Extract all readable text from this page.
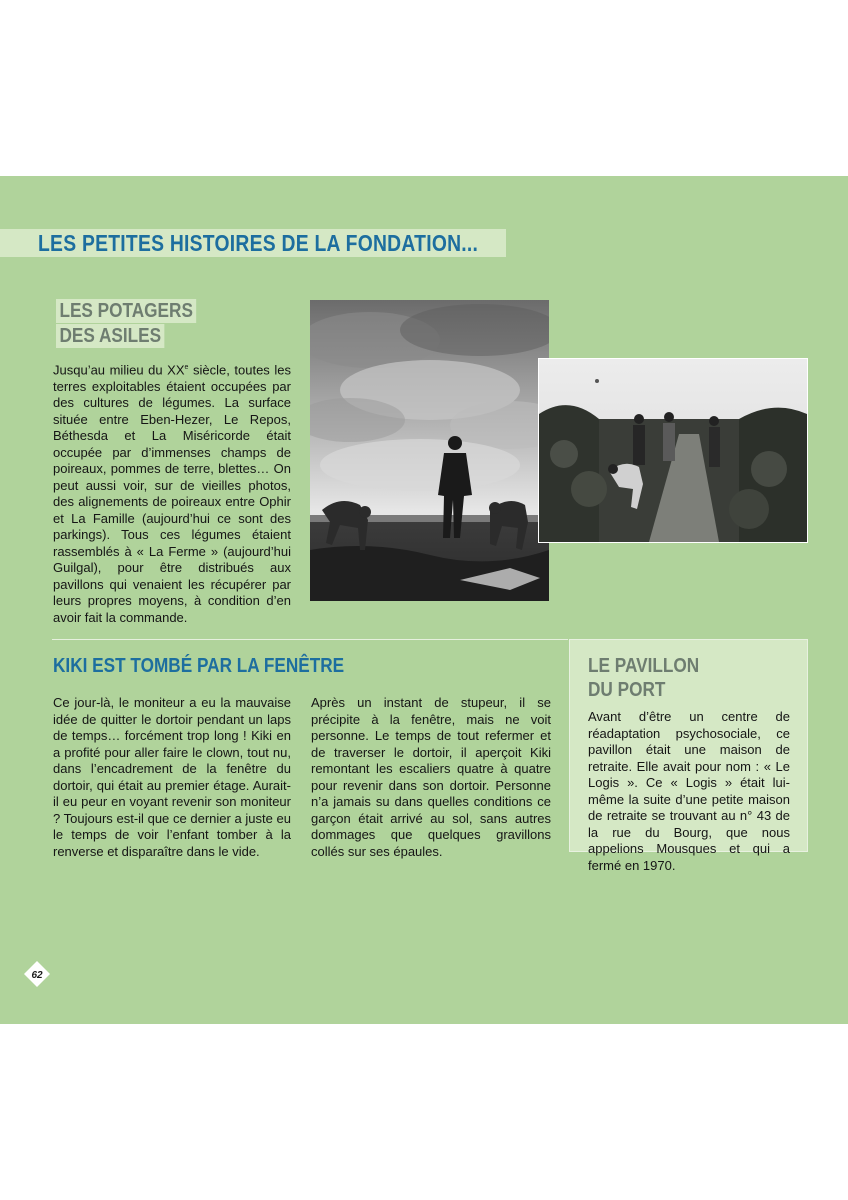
LES PETITES HISTOIRES DE LA FONDATION...
LES POTAGERS
DES ASILES
Jusqu’au milieu du XXe siècle, toutes les terres exploitables étaient occupées par des cultures de légumes. La surface située entre Eben-Hezer, Le Repos, Béthesda et La Miséricorde était occupée par d’immenses champs de poireaux, pommes de terre, blettes… On peut aussi voir, sur de vieilles photos, des alignements de poireaux entre Ophir et La Famille (aujourd’hui ce sont des parkings). Tous ces légumes étaient rassemblés à « La Ferme » (aujourd’hui Guilgal), pour être distribués aux pavillons qui venaient les récupérer par leurs propres moyens, à condition d’en avoir fait la commande.
KIKI EST TOMBÉ PAR LA FENÊTRE
Ce jour-là, le moniteur a eu la mauvaise idée de quitter le dortoir pendant un laps de temps… forcément trop long ! Kiki en a profité pour aller faire le clown, tout nu, dans l’encadrement de la fenêtre du dortoir, qui était au premier étage. Aurait-il eu peur en voyant revenir son moniteur ? Toujours est-il que ce dernier a juste eu le temps de voir l’enfant tomber à la renverse et disparaître dans le vide.
Après un instant de stupeur, il se précipite à la fenêtre, mais ne voit personne. Le temps de tout refermer et de traverser le dortoir, il aperçoit Kiki remontant les escaliers quatre à quatre pour revenir dans son dortoir. Personne n’a jamais su dans quelles conditions ce garçon était arrivé au sol, sans autres dommages que quelques gravillons collés sur ses épaules.
LE PAVILLON
DU PORT
Avant d’être un centre de réadaptation psychosociale, ce pavillon était une maison de retraite. Elle avait pour nom : « Le Logis ». Ce « Logis » était lui-même la suite d’une petite maison de retraite se trouvant au n° 43 de la rue du Bourg, que nous appelions Mousques et qui a fermé en 1970.
62
